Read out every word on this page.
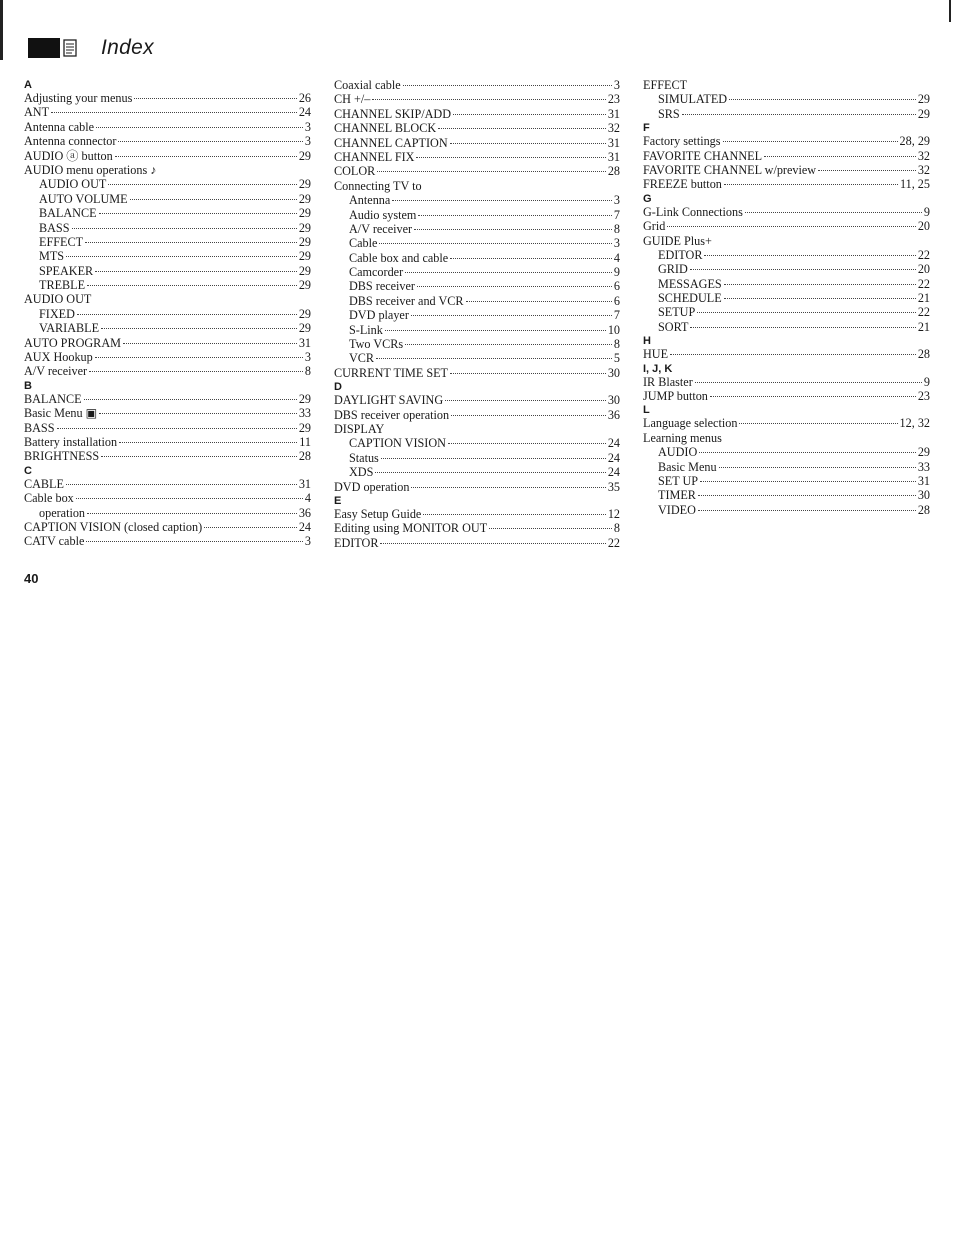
Index
A
Adjusting your menus	26
ANT	24
Antenna cable	3
Antenna connector	3
AUDIO ⓐ button	29
AUDIO menu operations ♪
AUDIO OUT	29
AUTO VOLUME	29
BALANCE	29
BASS	29
EFFECT	29
MTS	29
SPEAKER	29
TREBLE	29
AUDIO OUT
FIXED	29
VARIABLE	29
AUTO PROGRAM	31
AUX Hookup	3
A/V receiver	8
B
BALANCE	29
Basic Menu ▣	33
BASS	29
Battery installation	11
BRIGHTNESS	28
C
CABLE	31
Cable box	4
operation	36
CAPTION VISION (closed caption)	24
CATV cable	3
Coaxial cable	3
CH +/–	23
CHANNEL SKIP/ADD	31
CHANNEL BLOCK	32
CHANNEL CAPTION	31
CHANNEL FIX	31
COLOR	28
Connecting TV to
Antenna	3
Audio system	7
A/V receiver	8
Cable	3
Cable box and cable	4
Camcorder	9
DBS receiver	6
DBS receiver and VCR	6
DVD player	7
S-Link	10
Two VCRs	8
VCR	5
CURRENT TIME SET	30
D
DAYLIGHT SAVING	30
DBS receiver operation	36
DISPLAY
CAPTION VISION	24
Status	24
XDS	24
DVD operation	35
E
Easy Setup Guide	12
Editing using MONITOR OUT	8
EDITOR	22
EFFECT
SIMULATED	29
SRS	29
F
Factory settings	28, 29
FAVORITE CHANNEL	32
FAVORITE CHANNEL w/preview	32
FREEZE button	11, 25
G
G-Link Connections	9
Grid	20
GUIDE Plus+
EDITOR	22
GRID	20
MESSAGES	22
SCHEDULE	21
SETUP	22
SORT	21
H
HUE	28
I, J, K
IR Blaster	9
JUMP button	23
L
Language selection	12, 32
Learning menus
AUDIO	29
Basic Menu	33
SET UP	31
TIMER	30
VIDEO	28
40
